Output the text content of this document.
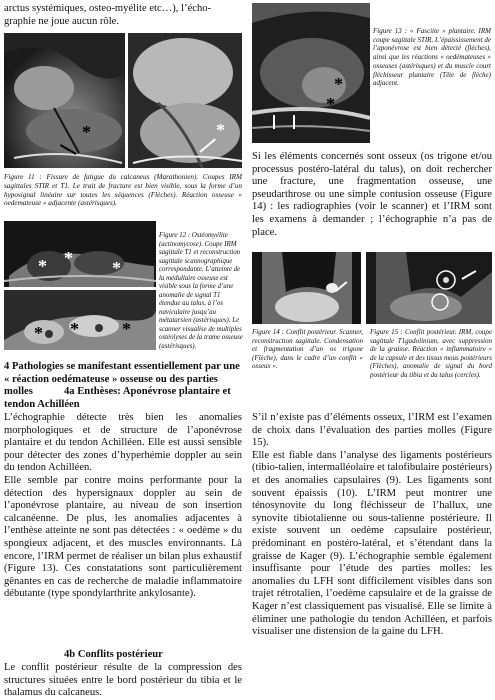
arctus systémiques, osteo-myélite etc…), l’écho-

graphie ne joue aucun rôle.

*	*

Figure 11 : Fissure de fatigue du calcaneus (Marathonien). Coupes IRM sagittales STIR et T1. Le trait de fracture est bien visible, sous la forme d’un hyposignal linéaire sur toutes les séquences (Flèches). Réaction osseuse « oedemateuse » adjacente (astérisques).

* * *
* * *

Figure 12 : Ostéomyélite (actinomycose). Coupe IRM sagittale T1 et reconstruction sagittale scannographique correspondante. L’atteinte de la médullaire osseuse est visible sous la forme d’une anomalie de signal T1 étendue au talus, à l’os naviculaire jusqu’au métatarsien (astérisques). Le scanner visualise de multiples ostéolyses de la trame osseuse (astérisques).

4 Pathologies se manifestant essentiellement par une « réaction oedémateuse » osseuse ou des parties molles	4a Enthèses: Aponévrose plantaire et tendon Achilléen

L’échographie détecte très bien les anomalies morphologiques et de structure de l’aponévrose plantaire et du tendon Achilléen. Elle est aussi sensible pour détecter des zones d’hyperhémie doppler au sein du tendon Achilléen.

Elle semble par contre moins performante pour la détection des hypersignaux doppler au sein de l’aponévrose plantaire, au niveau de son insertion calcanéenne. De plus, les anomalies adjacentes à l’enthèse atteinte ne sont pas détectées : « oedème » du spongieux adjacent, et des muscles environnants. Là encore, l’IRM permet de réaliser un bilan plus exhaustif (Figure 13). Ces constatations sont particulièrement gênantes en cas de recherche de maladie inflammatoire débutante (type spondylarthrite ankylosante).

4b Conflits postérieur

Le conflit postérieur résulte de la compression des structures situées entre le bord postérieur du tibia et le thalamus du calcaneus.

*
*

Figure 13 : « Fasciite » plantaire. IRM coupe sagittale STIR. L’épaississement de l’aponévrose est bien détecté (flèches), ainsi que les réactions « oedémateuses » osseuses (astérisques) et du muscle court fléchisseur plantaire (Tête de flèche) adjacent.

Si les éléments concernés sont osseux (os trigone et/ou processus postéro-latéral du talus), on doit rechercher une fracture, une fragmentation osseuse, une pseudarthrose ou une simple contusion osseuse (Figure 14) : les radiographies (voir le scanner) et l’IRM sont les examens à demander ; l’échographie n’a pas de place.

Figure 14 : Conflit postérieur. Scanner, reconstruction sagittale. Condensation et fragmentation d’un os trigone (Flèche), dans le cadre d’un conflit « osseux ».

Figure 15 : Conflit postérieur. IRM, coupe sagittale T1gadolinium, avec suppression de la graisse. Réaction « inflammatoire » de la capsule et des tissus mous postérieurs (Flèches), anomalie de signal du bord postérieur du tibia et du talus (cercles).

S’il n’existe pas d’éléments osseux, l’IRM est l’examen de choix dans l’évaluation des parties molles (Figure 15).

Elle est fiable dans l’analyse des ligaments postérieurs (tibio-talien, intermalléolaire et talofibulaire postérieurs) et des anomalies capsulaires (9). Les ligaments sont souvent épaissis (10). L’IRM peut montrer une ténosynovite du long fléchisseur de l’hallux, une synovite tibiotalienne ou sous-talienne postérieure. Il existe souvent un oedème capsulaire postérieur, prédominant en postéro-latéral, et s’étendant dans la graisse de Kager (9). L’échographie semble également insuffisante pour l’étude des parties molles: les anomalies du LFH sont difficilement visibles dans son trajet rétrotalien, l’oedème capsulaire et de la graisse de Kager n’est classiquement pas visualisé. Elle se limite à éliminer une pathologie du tendon Achilléen, et parfois visualiser une distension de la gaine du LFH.
